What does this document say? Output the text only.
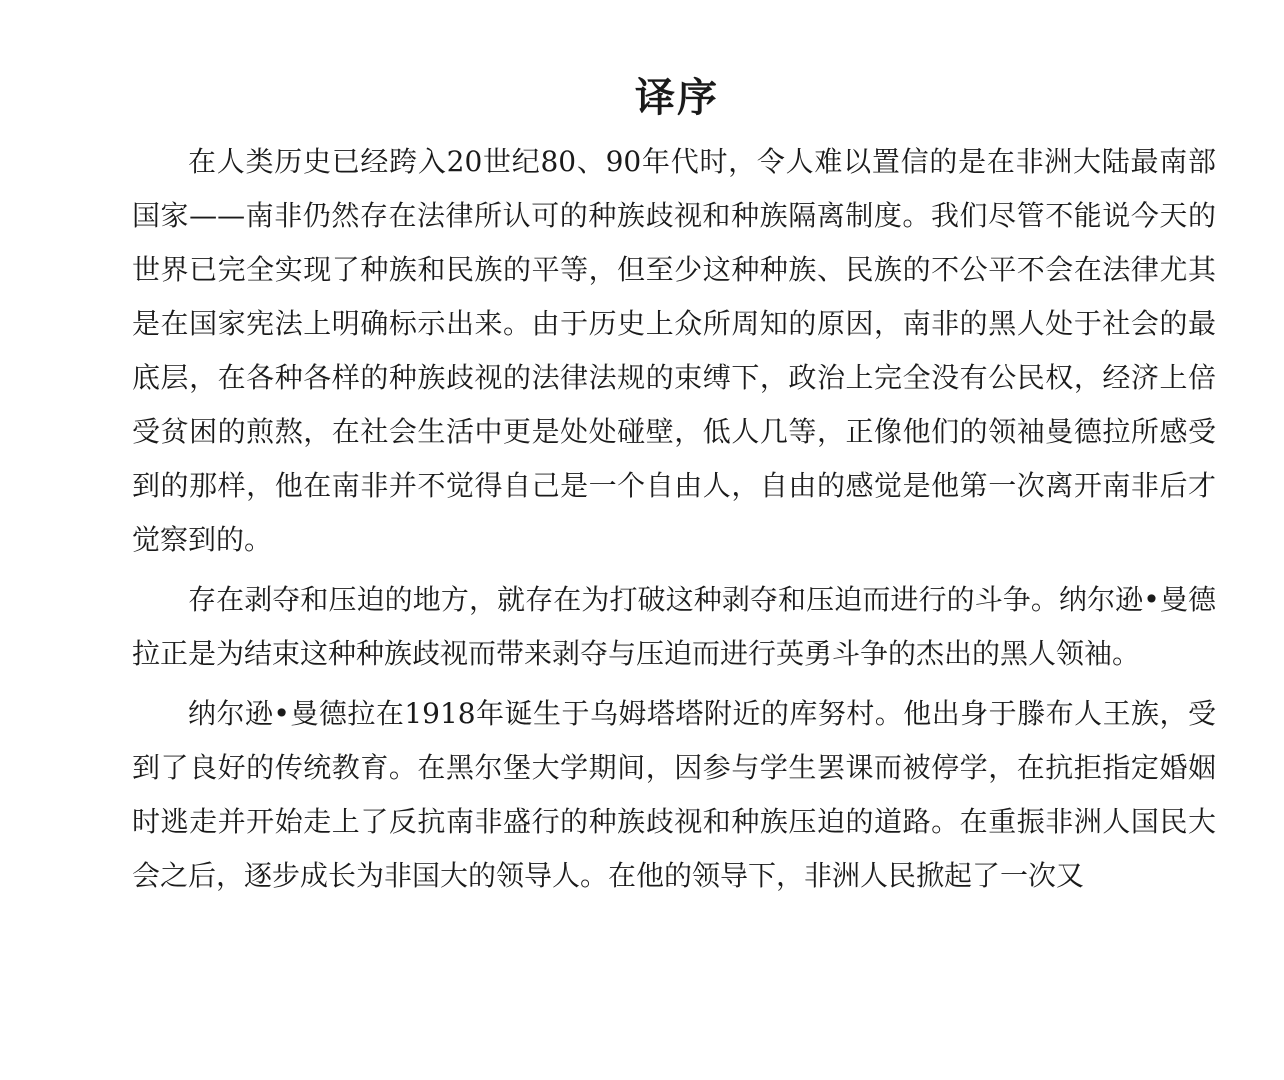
译序

在人类历史已经跨入20世纪80、90年代时，令人难以置信的是在非洲大陆最南部国家——南非仍然存在法律所认可的种族歧视和种族隔离制度。我们尽管不能说今天的世界已完全实现了种族和民族的平等，但至少这种种族、民族的不公平不会在法律尤其是在国家宪法上明确标示出来。由于历史上众所周知的原因，南非的黑人处于社会的最底层，在各种各样的种族歧视的法律法规的束缚下，政治上完全没有公民权，经济上倍受贫困的煎熬，在社会生活中更是处处碰壁，低人几等，正像他们的领袖曼德拉所感受到的那样，他在南非并不觉得自己是一个自由人，自由的感觉是他第一次离开南非后才觉察到的。

存在剥夺和压迫的地方，就存在为打破这种剥夺和压迫而进行的斗争。纳尔逊•曼德拉正是为结束这种种族歧视而带来剥夺与压迫而进行英勇斗争的杰出的黑人领袖。

纳尔逊•曼德拉在1918年诞生于乌姆塔塔附近的库努村。他出身于滕布人王族，受到了良好的传统教育。在黑尔堡大学期间，因参与学生罢课而被停学，在抗拒指定婚姻时逃走并开始走上了反抗南非盛行的种族歧视和种族压迫的道路。在重振非洲人国民大会之后，逐步成长为非国大的领导人。在他的领导下，非洲人民掀起了一次又
